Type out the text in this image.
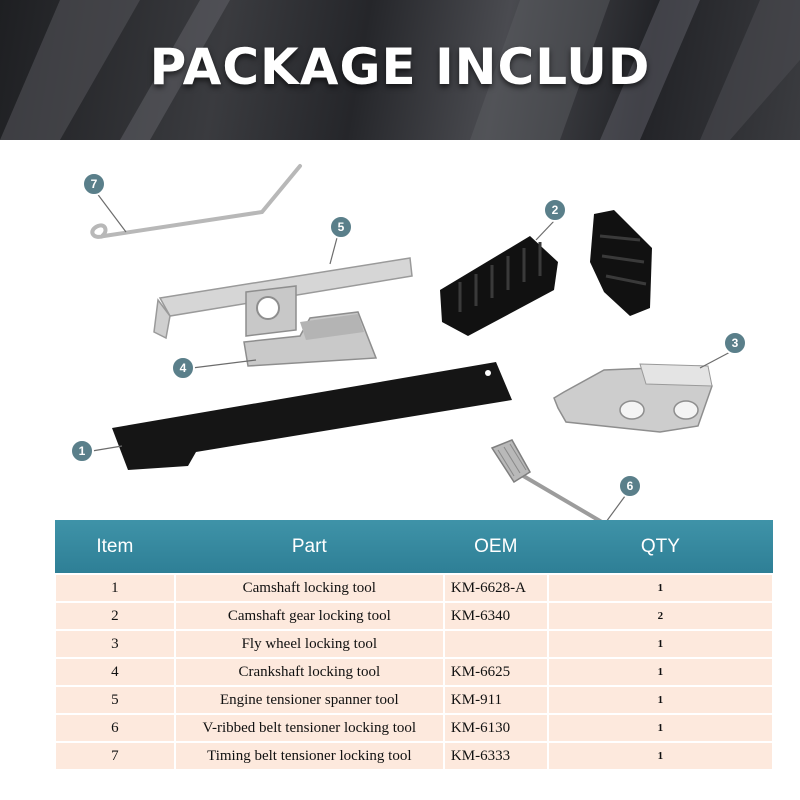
PACKAGE INCLUD
1
2
3
4
5
6
7
Item	Part	OEM	QTY
1	Camshaft locking tool	KM-6628-A	1
2	Camshaft gear locking tool	KM-6340	2
3	Fly wheel locking tool		1
4	Crankshaft locking tool	KM-6625	1
5	Engine tensioner spanner tool	KM-911	1
6	V-ribbed belt tensioner locking tool	KM-6130	1
7	Timing belt tensioner locking tool	KM-6333	1
